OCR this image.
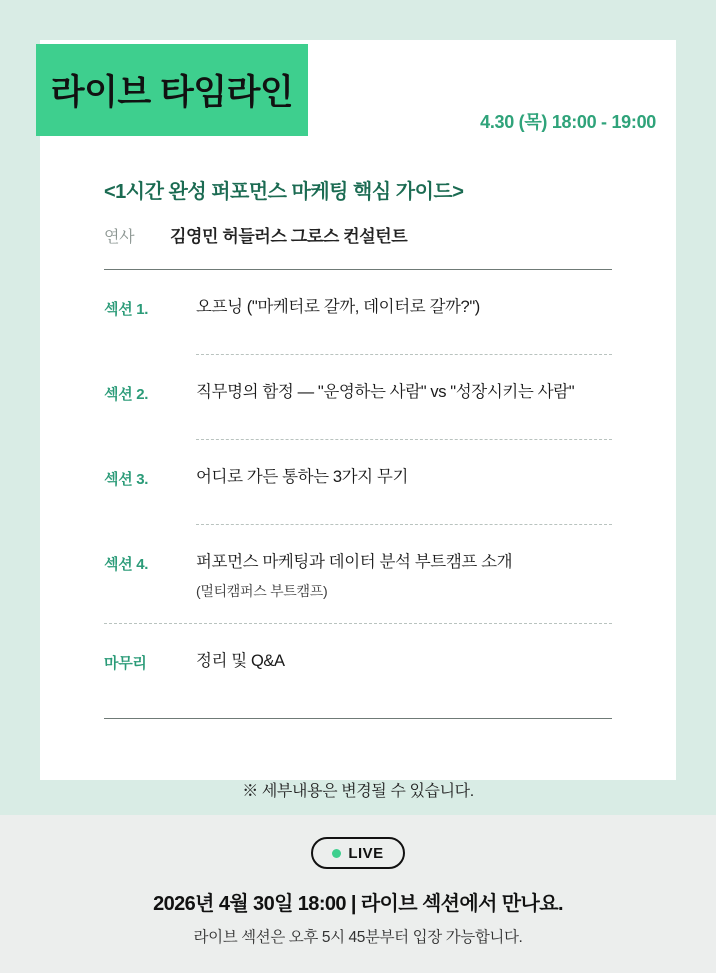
라이브 타임라인
4.30 (목) 18:00 - 19:00
<1시간 완성 퍼포먼스 마케팅 핵심 가이드>
연사	김영민 허들러스 그로스 컨설턴트
섹션 1.	오프닝 ("마케터로 갈까, 데이터로 갈까?")
섹션 2.	직무명의 함정 — "운영하는 사람" vs "성장시키는 사람"
섹션 3.	어디로 가든 통하는 3가지 무기
섹션 4.	퍼포먼스 마케팅과 데이터 분석 부트캠프 소개
(멀티캠퍼스 부트캠프)
마무리	정리 및 Q&A
※ 세부내용은 변경될 수 있습니다.
LIVE
2026년 4월 30일 18:00 | 라이브 섹션에서 만나요.
라이브 섹션은 오후 5시 45분부터 입장 가능합니다.
